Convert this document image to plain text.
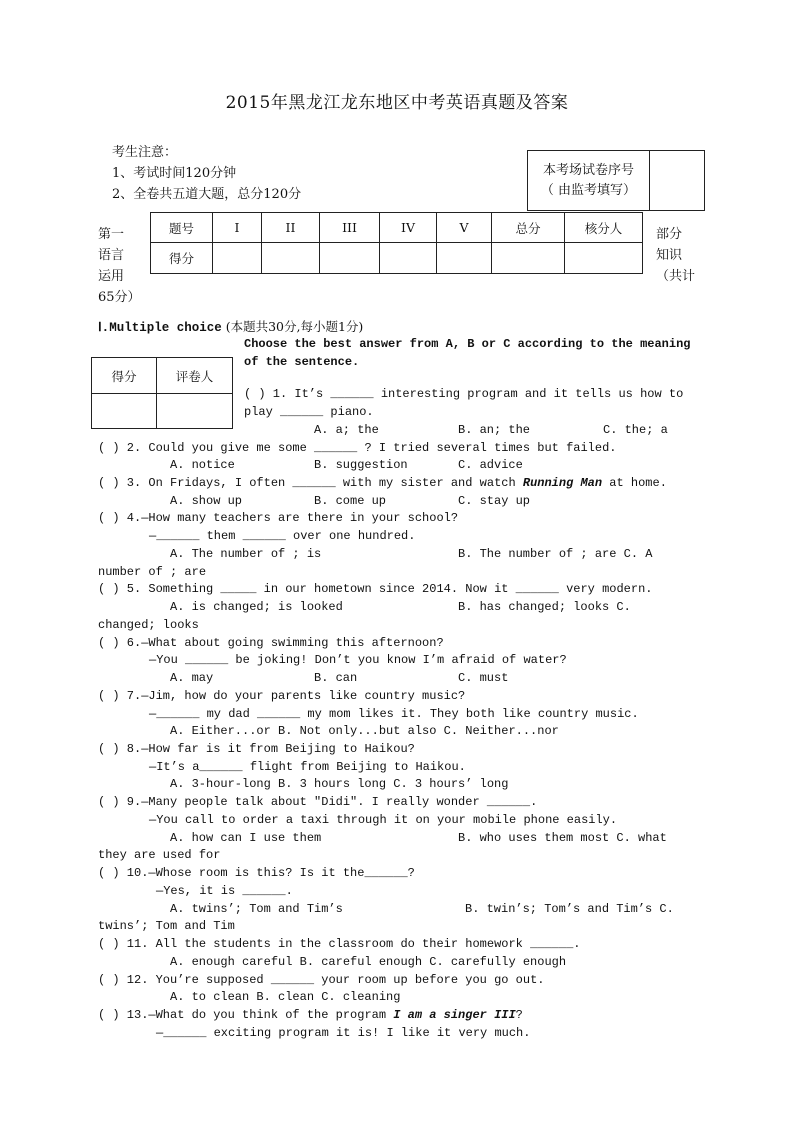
2015年黑龙江龙东地区中考英语真题及答案
考生注意：
1、考试时间120分钟
2、全卷共五道大题，总分120分
本考场试卷序号
（ 由监考填写）

第一
语言
运用
65分）
部分
知识
（共计
题号	I	II	III	IV	V	总分	核分人
得分							
Ⅰ.Multiple choice (本题共30分,每小题1分)
Choose the best answer from A, B or C according to the meaning
of the sentence.
得分	评卷人

( ) 1. It’s ______ interesting program and it tells us how to
play ______ piano.
A. a; the	B. an; the	C. the; a
( ) 2. Could you give me some ______ ? I tried several times but failed.
A. notice	B. suggestion	C. advice
( ) 3. On Fridays, I often ______ with my sister and watch Running Man at home.
A. show up	B. come up	C. stay up
( ) 4.—How many teachers are there in your school?
—______ them ______ over one hundred.
A. The number of ; is	B. The number of ; are C. A
number of ; are
( ) 5. Something _____ in our hometown since 2014. Now it ______ very modern.
A. is changed; is looked	B. has changed; looks C.
changed; looks
( ) 6.—What about going swimming this afternoon?
—You ______ be joking! Don’t you know I’m afraid of water?
A. may	B. can	C. must
( ) 7.—Jim, how do your parents like country music?
—______ my dad ______ my mom likes it. They both like country music.
A. Either...or B. Not only...but also C. Neither...nor
( ) 8.—How far is it from Beijing to Haikou?
—It’s a______ flight from Beijing to Haikou.
A. 3-hour-long B. 3 hours long C. 3 hours’ long
( ) 9.—Many people talk about "Didi". I really wonder ______.
—You call to order a taxi through it on your mobile phone easily.
A. how can I use them	B. who uses them most C. what
they are used for
( ) 10.—Whose room is this? Is it the______?
—Yes, it is ______.
A. twins’; Tom and Tim’s	B. twin’s; Tom’s and Tim’s C.
twins’; Tom and Tim
( ) 11. All the students in the classroom do their homework ______.
A. enough careful B. careful enough C. carefully enough
( ) 12. You’re supposed ______ your room up before you go out.
A. to clean B. clean C. cleaning
( ) 13.—What do you think of the program I am a singer III?
—______ exciting program it is! I like it very much.
